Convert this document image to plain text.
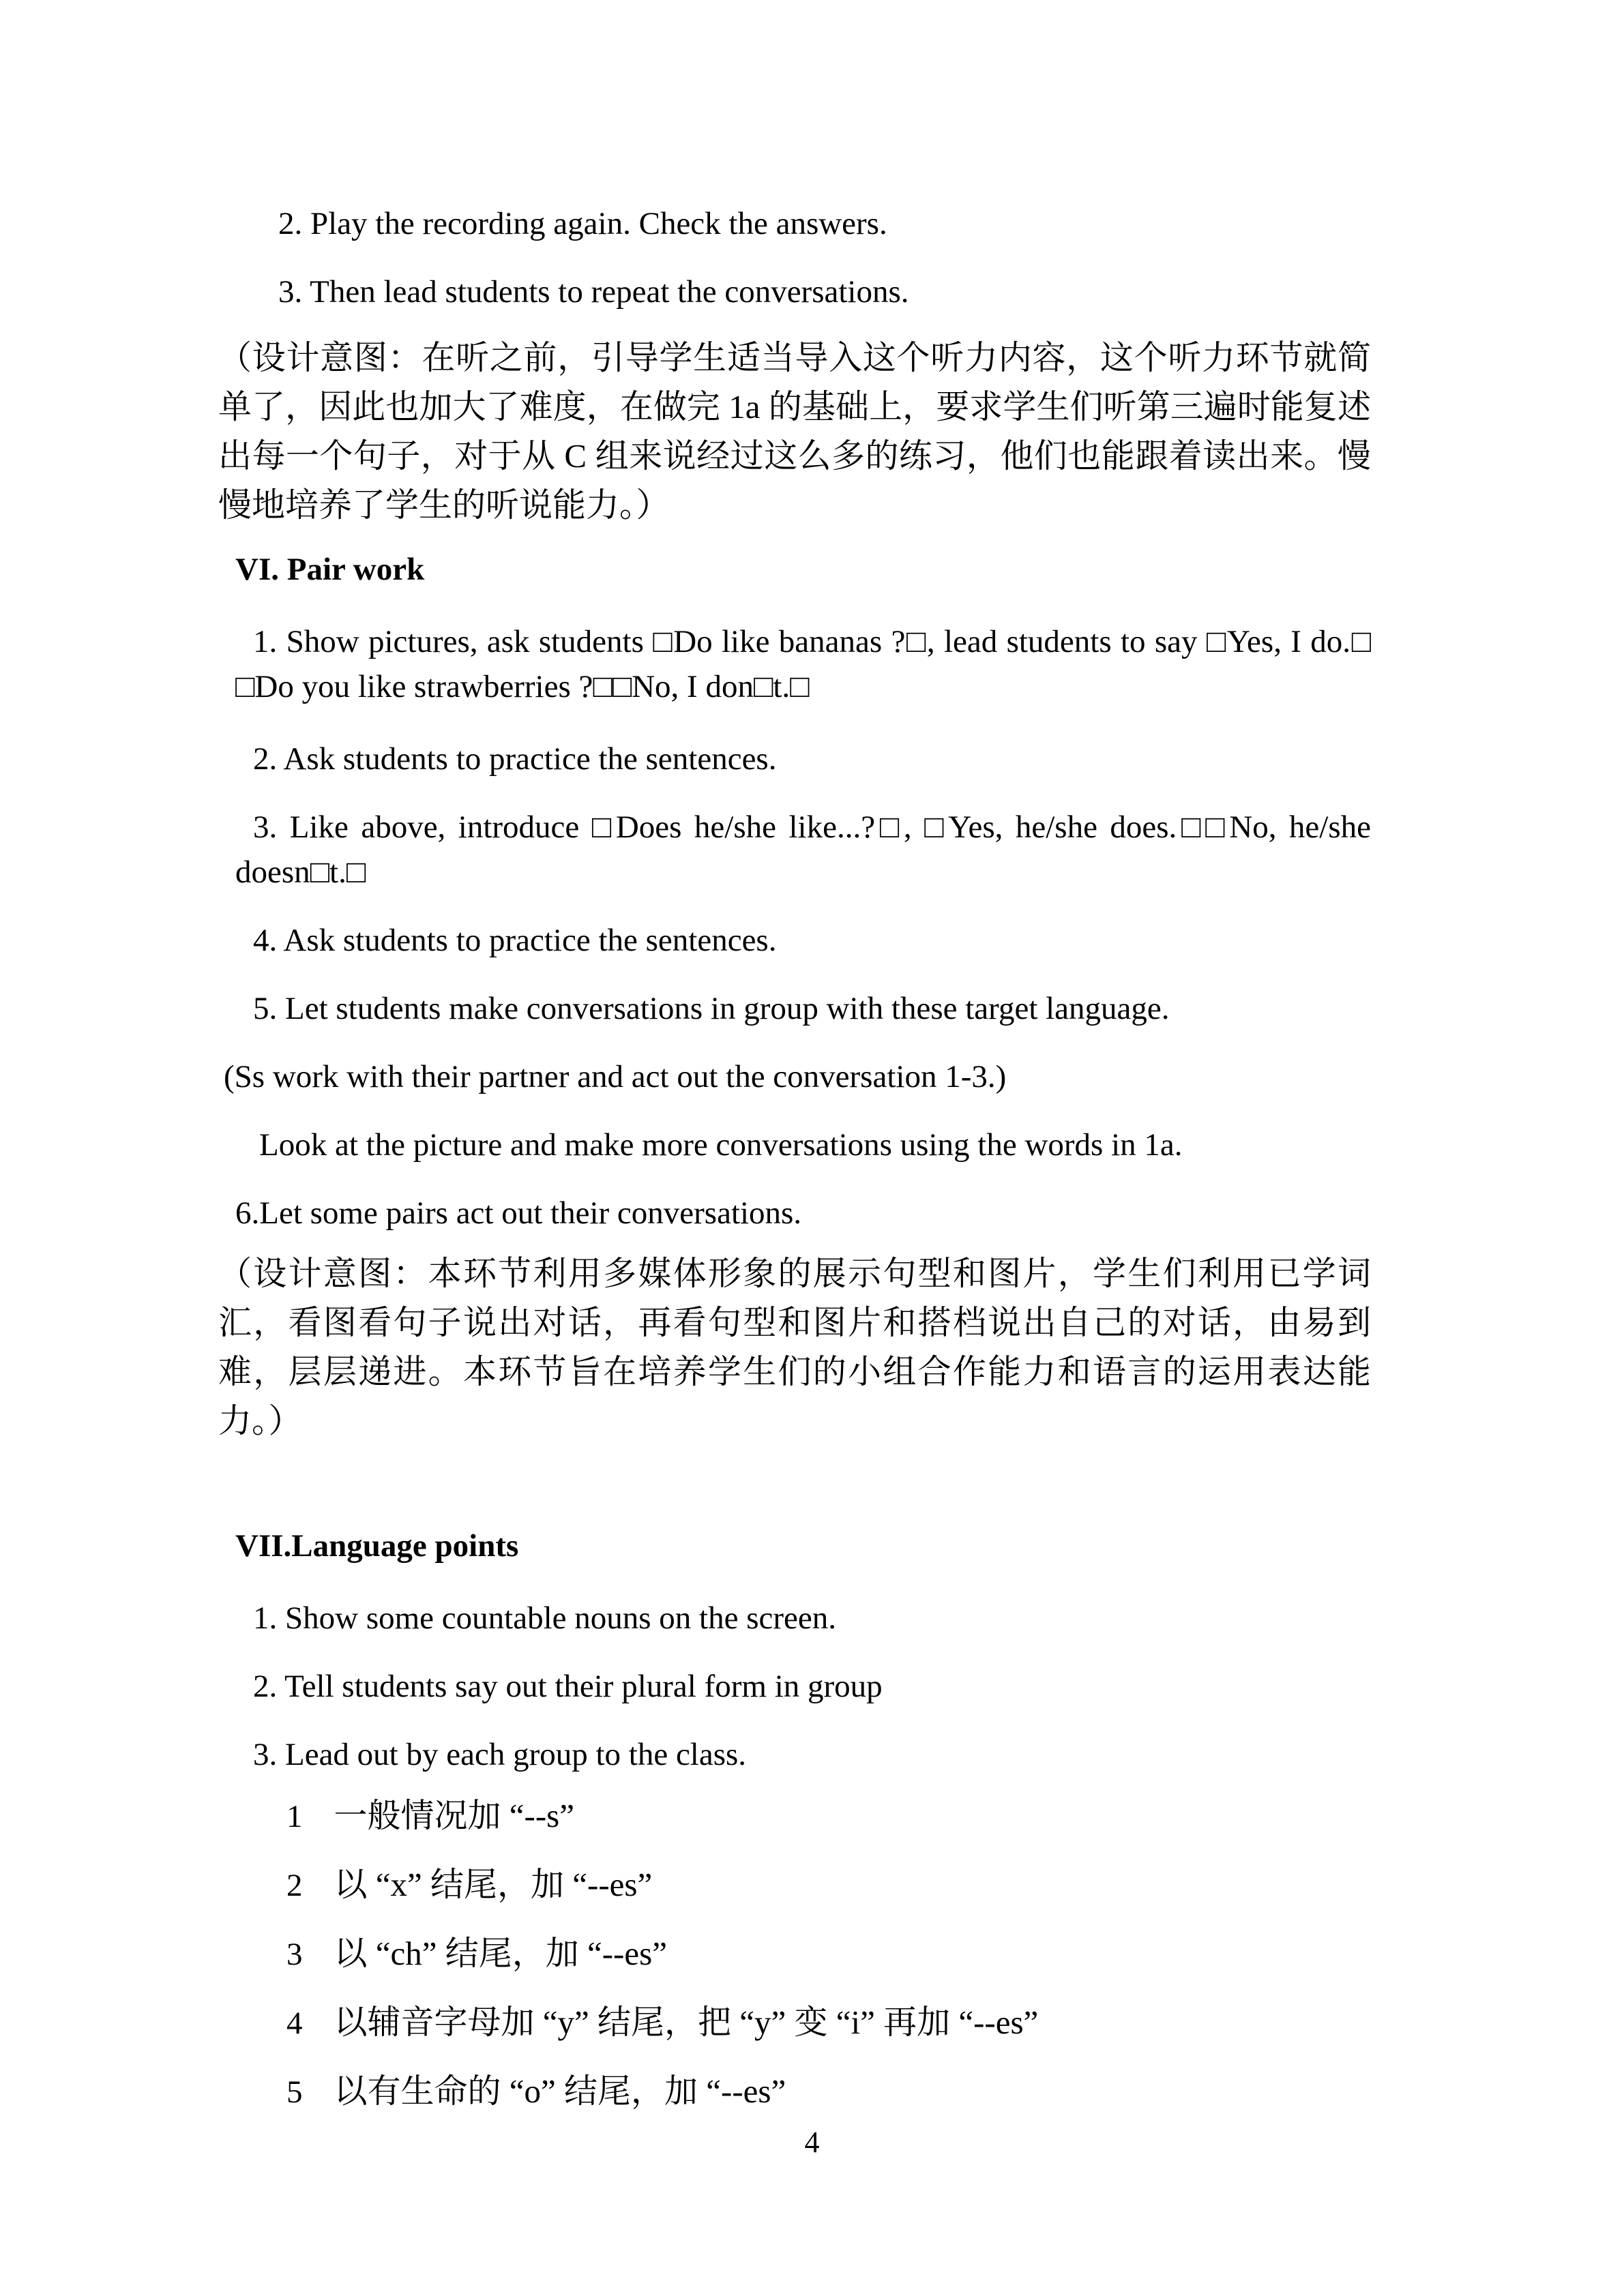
2. Play the recording again. Check the answers.

3. Then lead students to repeat the conversations.

（设计意图：在听之前，引导学生适当导入这个听力内容，这个听力环节就简单了，因此也加大了难度，在做完 1a 的基础上，要求学生们听第三遍时能复述出每一个句子，对于从 C 组来说经过这么多的练习，他们也能跟着读出来。慢慢地培养了学生的听说能力。）

VI. Pair work

1. Show pictures, ask students □Do like bananas ?□, lead students to say □Yes, I do.□ □Do you like strawberries ?□□No, I don□t.□

2. Ask students to practice the sentences.

3. Like above, introduce □Does he/she like...?□, □Yes, he/she does.□□No, he/she doesn□t.□

4. Ask students to practice the sentences.

5. Let students make conversations in group with these target language.

(Ss work with their partner and act out the conversation 1-3.)

Look at the picture and make more conversations using the words in 1a.

6.Let some pairs act out their conversations.

（设计意图：本环节利用多媒体形象的展示句型和图片，学生们利用已学词汇，看图看句子说出对话，再看句型和图片和搭档说出自己的对话，由易到难，层层递进。本环节旨在培养学生们的小组合作能力和语言的运用表达能力。）

VII.Language points

1. Show some countable nouns on the screen.

2. Tell students say out their plural form in group

3. Lead out by each group to the class.

1 一般情况加 “--s”
2 以 “x” 结尾，加 “--es”
3 以 “ch” 结尾，加 “--es”
4 以辅音字母加 “y” 结尾，把 “y” 变 “i” 再加 “--es”
5 以有生命的 “o” 结尾，加 “--es”
4
